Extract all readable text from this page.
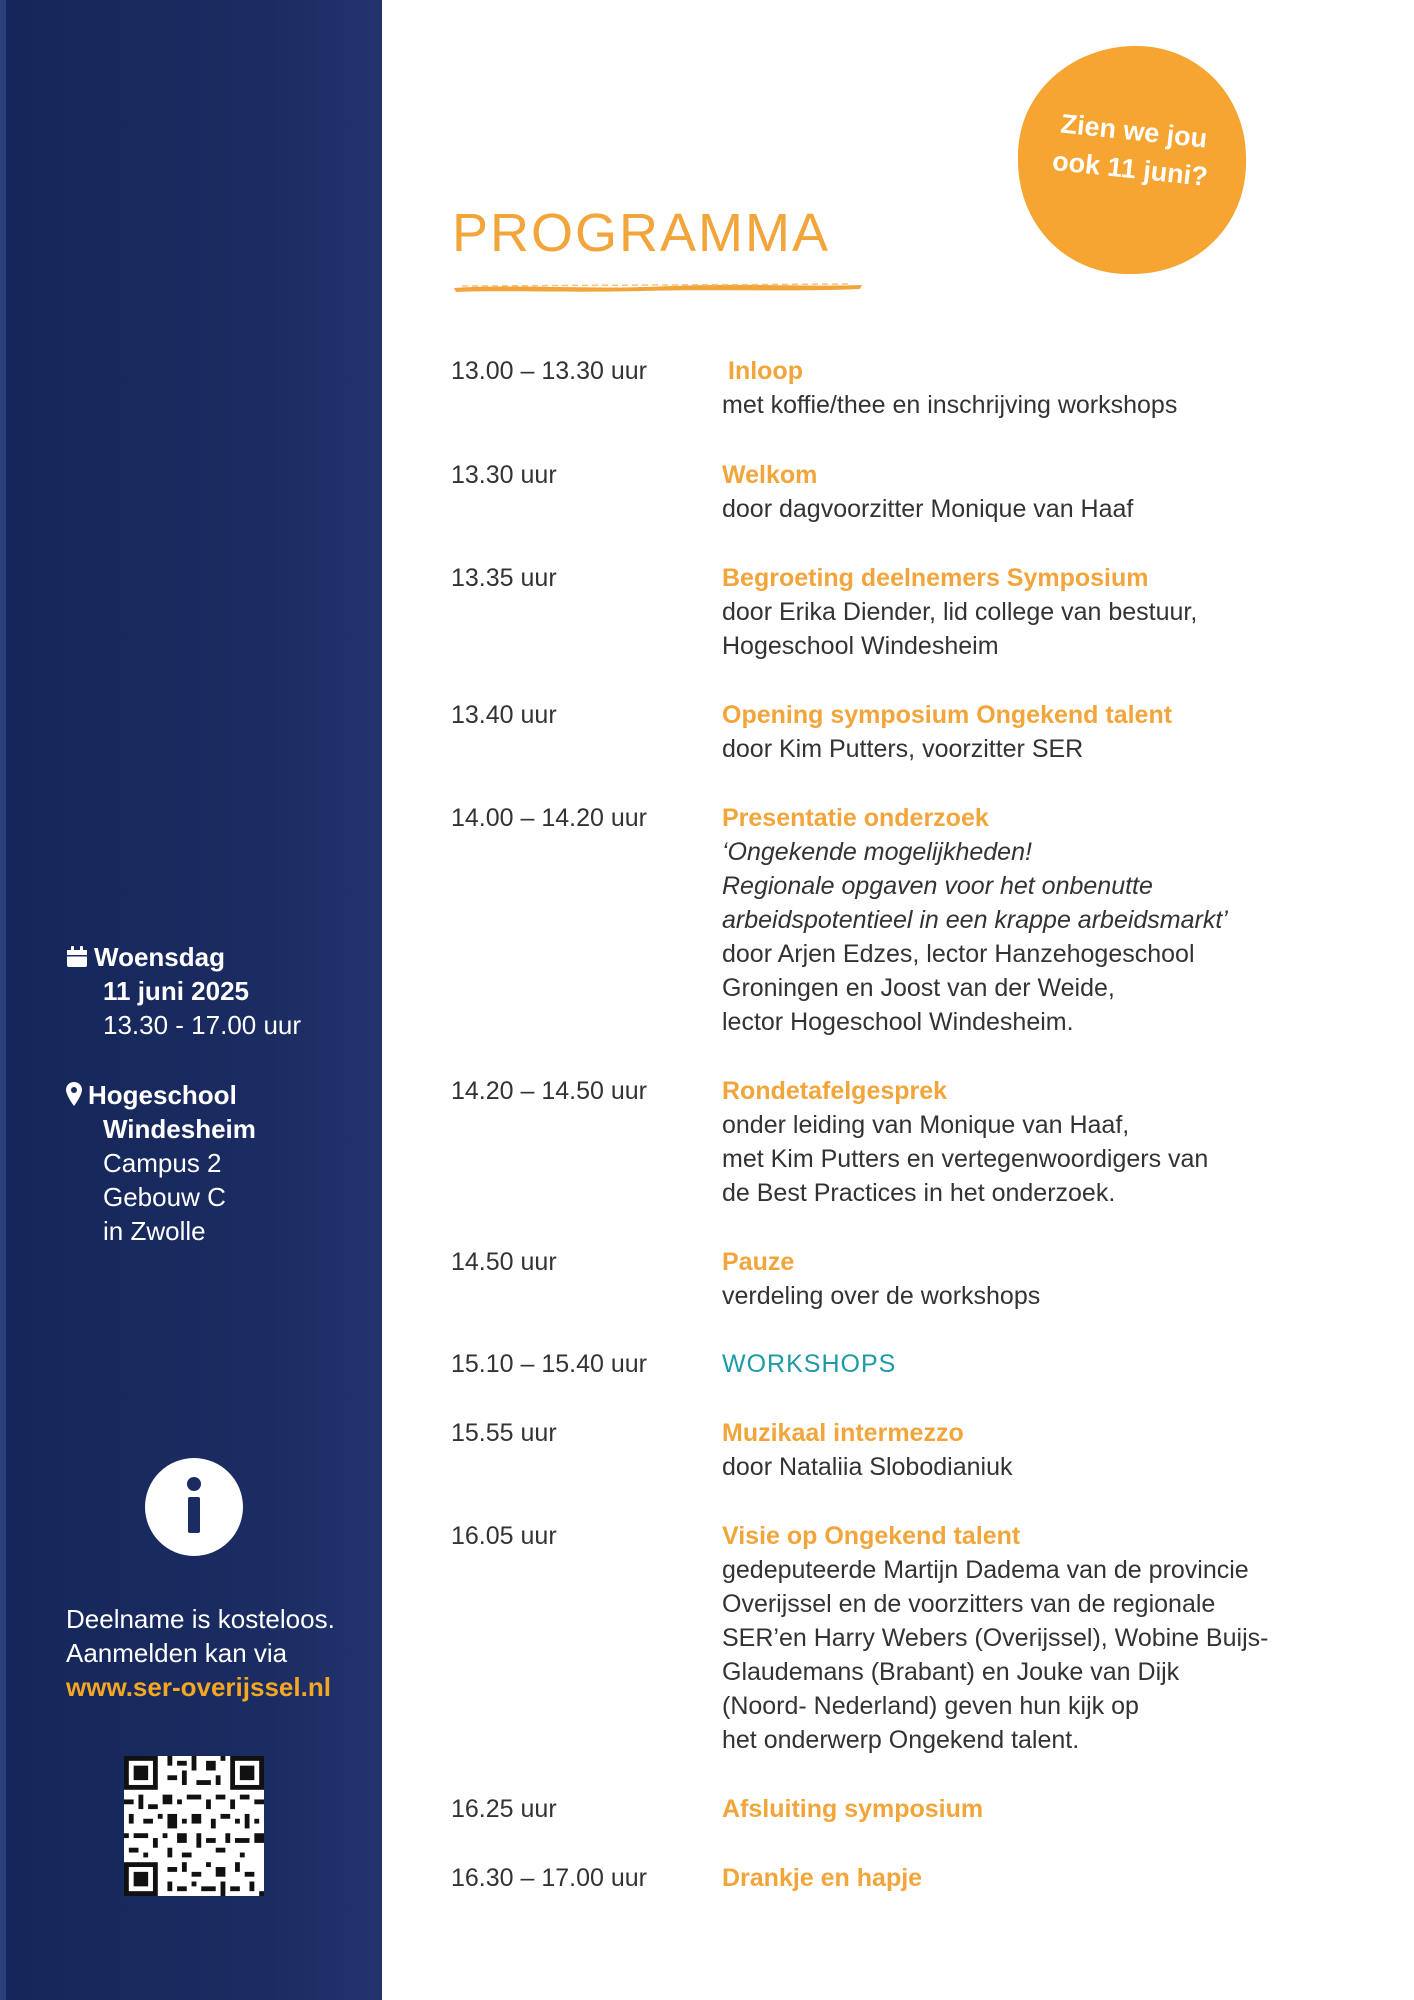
Woensdag
11 juni 2025
13.30 - 17.00 uur
Hogeschool
Windesheim
Campus 2
Gebouw C
in Zwolle
Deelname is kosteloos.
Aanmelden kan via
www.ser-overijssel.nl
PROGRAMMA
Zien we jou
ook 11 juni?
13.00 – 13.30 uur	Inloop
met koffie/thee en inschrijving workshops
13.30 uur	Welkom
door dagvoorzitter Monique van Haaf
13.35 uur	Begroeting deelnemers Symposium
door Erika Diender, lid college van bestuur,
Hogeschool Windesheim
13.40 uur	Opening symposium Ongekend talent
door Kim Putters, voorzitter SER
14.00 – 14.20 uur	Presentatie onderzoek
‘Ongekende mogelijkheden!
Regionale opgaven voor het onbenutte
arbeidspotentieel in een krappe arbeidsmarkt’
door Arjen Edzes, lector Hanzehogeschool
Groningen en Joost van der Weide,
lector Hogeschool Windesheim.
14.20 – 14.50 uur	Rondetafelgesprek
onder leiding van Monique van Haaf,
met Kim Putters en vertegenwoordigers van
de Best Practices in het onderzoek.
14.50 uur	Pauze
verdeling over de workshops
15.10 – 15.40 uur	WORKSHOPS
15.55 uur	Muzikaal intermezzo
door Nataliia Slobodianiuk
16.05 uur	Visie op Ongekend talent
gedeputeerde Martijn Dadema van de provincie
Overijssel en de voorzitters van de regionale
SER’en Harry Webers (Overijssel), Wobine Buijs-
Glaudemans (Brabant) en Jouke van Dijk
(Noord- Nederland) geven hun kijk op
het onderwerp Ongekend talent.
16.25 uur	Afsluiting symposium
16.30 – 17.00 uur	Drankje en hapje
